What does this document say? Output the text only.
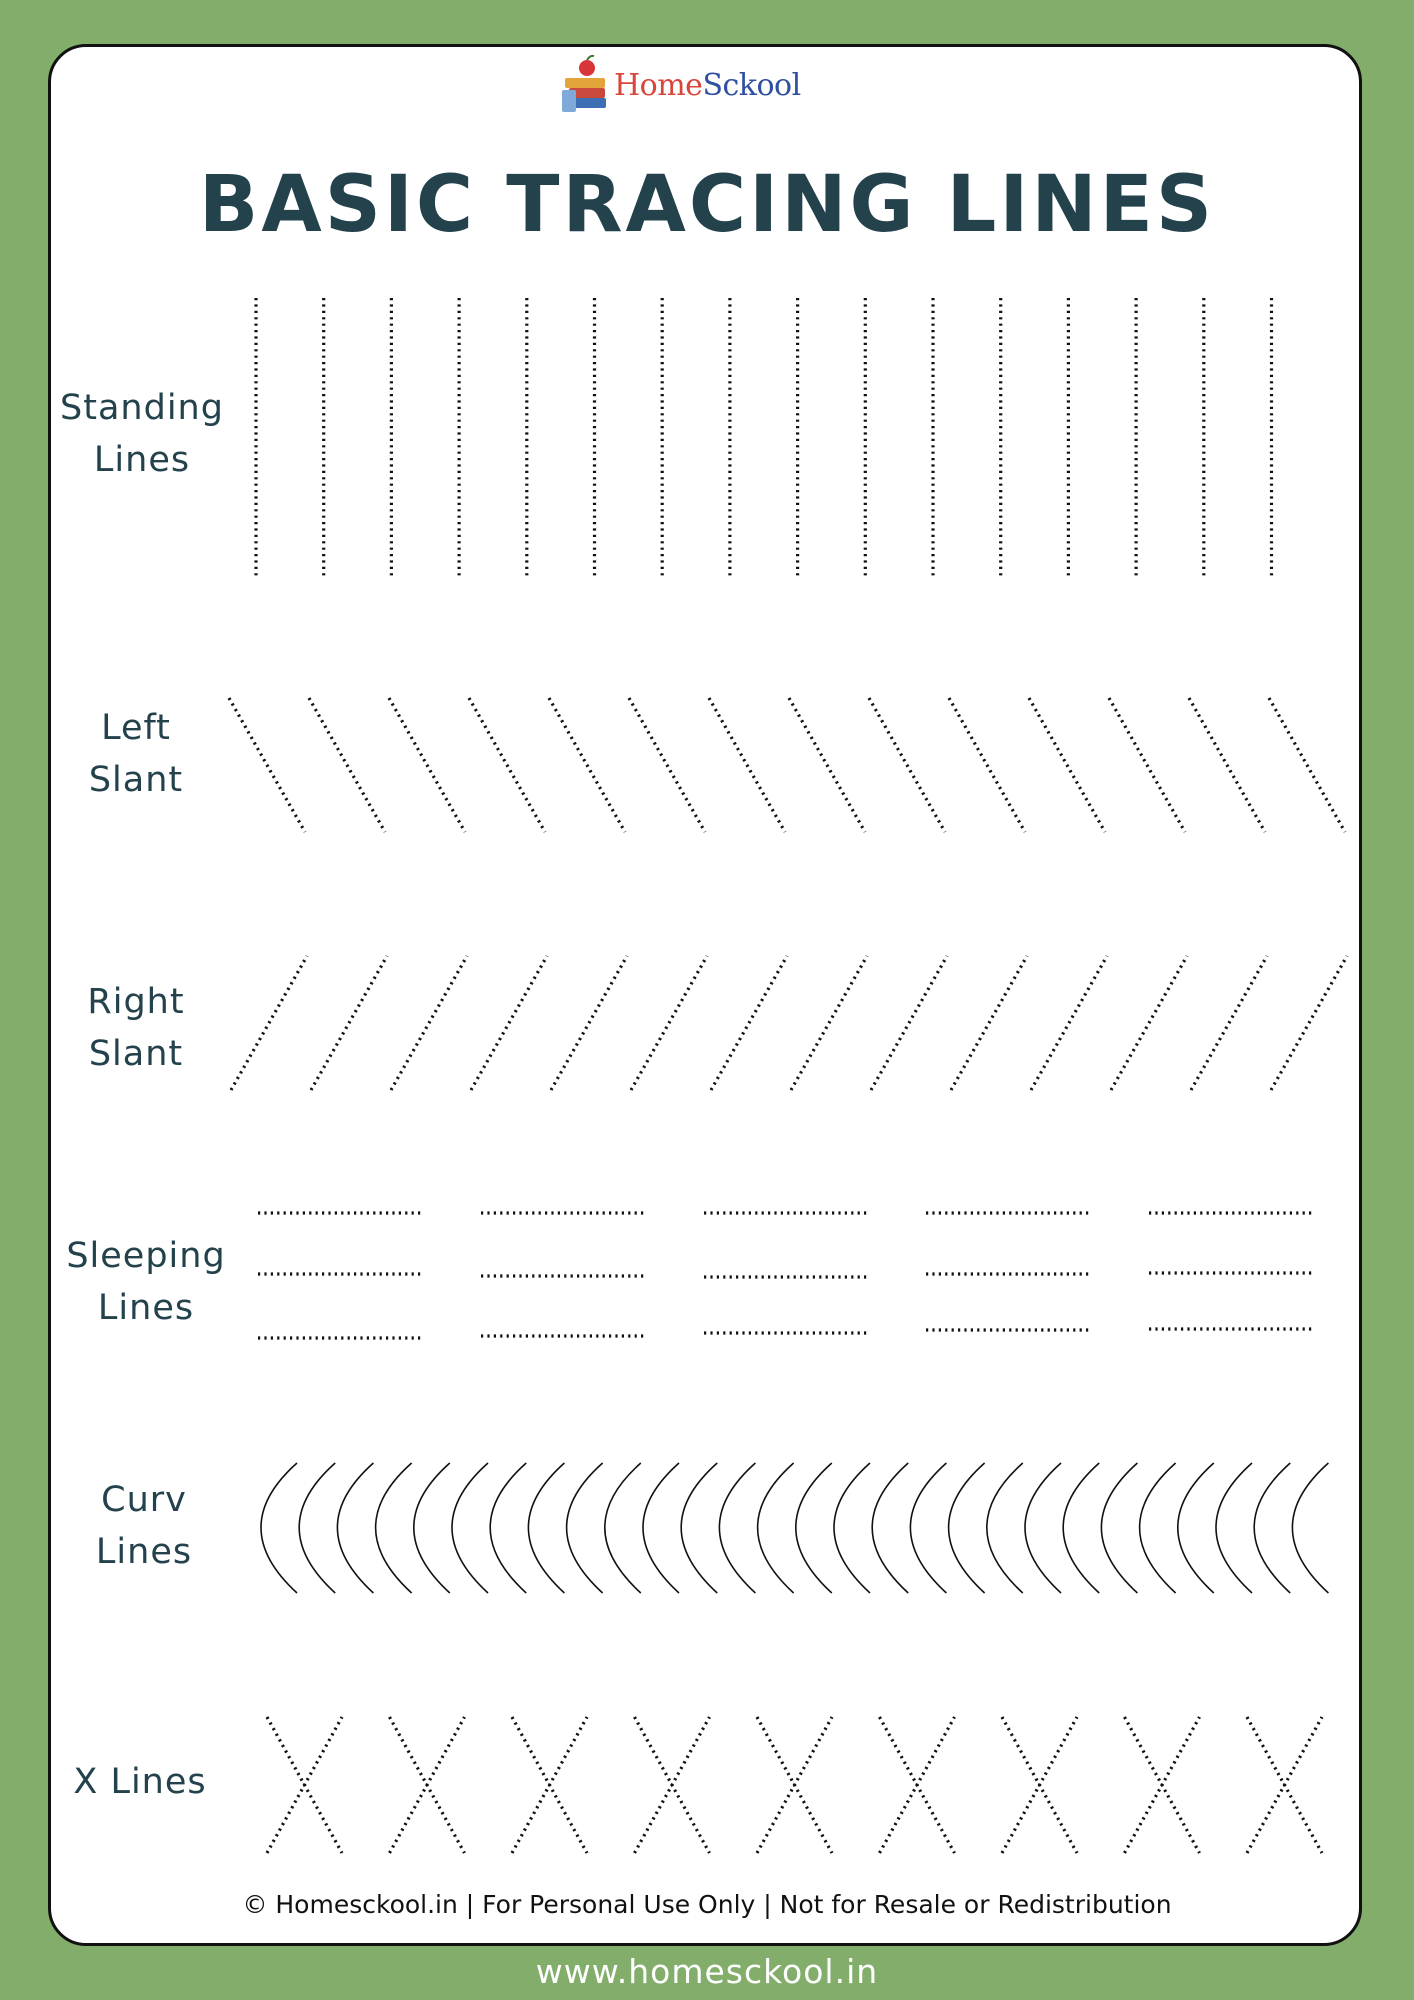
HomeSckool
BASIC TRACING LINES
Standing
Lines
Left
Slant
Right
Slant
Sleeping
Lines
Curv
Lines
X Lines
© Homesckool.in | For Personal Use Only | Not for Resale or Redistribution
www.homesckool.in
